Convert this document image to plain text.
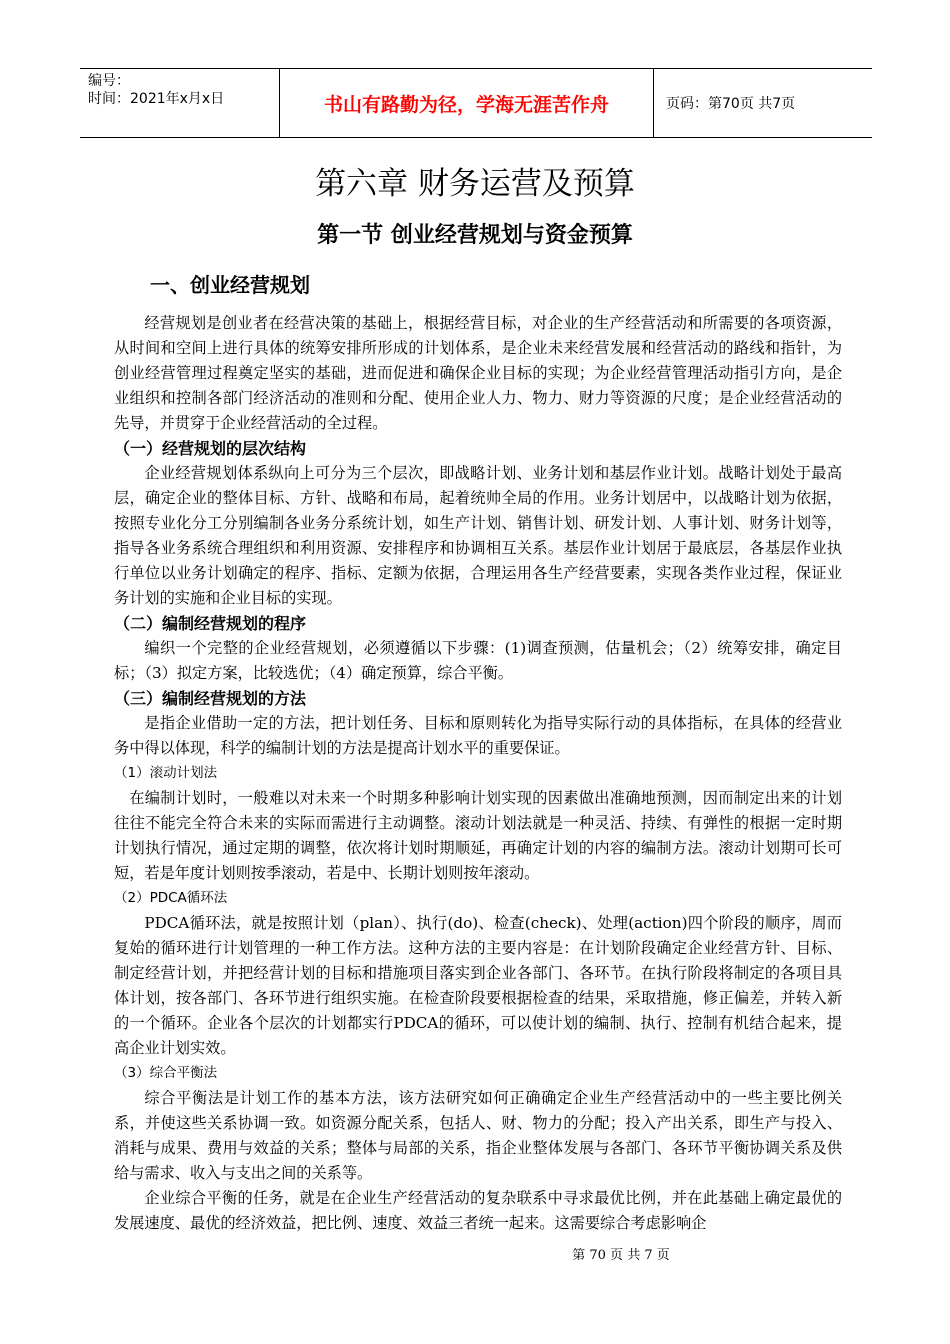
编号：
时间：2021年x月x日	书山有路勤为径，学海无涯苦作舟	页码：第70页 共7页
第六章 财务运营及预算
第一节 创业经营规划与资金预算
一、创业经营规划

经营规划是创业者在经营决策的基础上，根据经营目标，对企业的生产经营活动和所需要的各项资源，从时间和空间上进行具体的统筹安排所形成的计划体系，是企业未来经营发展和经营活动的路线和指针，为创业经营管理过程奠定坚实的基础，进而促进和确保企业目标的实现；为企业经营管理活动指引方向，是企业组织和控制各部门经济活动的准则和分配、使用企业人力、物力、财力等资源的尺度；是企业经营活动的先导，并贯穿于企业经营活动的全过程。

（一）经营规划的层次结构

企业经营规划体系纵向上可分为三个层次，即战略计划、业务计划和基层作业计划。战略计划处于最高层，确定企业的整体目标、方针、战略和布局，起着统帅全局的作用。业务计划居中，以战略计划为依据，按照专业化分工分别编制各业务分系统计划，如生产计划、销售计划、研发计划、人事计划、财务计划等，指导各业务系统合理组织和利用资源、安排程序和协调相互关系。基层作业计划居于最底层，各基层作业执行单位以业务计划确定的程序、指标、定额为依据，合理运用各生产经营要素，实现各类作业过程，保证业务计划的实施和企业目标的实现。

（二）编制经营规划的程序

编织一个完整的企业经营规划，必须遵循以下步骤：(1)调查预测，估量机会；（2）统筹安排，确定目标；（3）拟定方案，比较选优；（4）确定预算，综合平衡。

（三）编制经营规划的方法

是指企业借助一定的方法，把计划任务、目标和原则转化为指导实际行动的具体指标，在具体的经营业务中得以体现，科学的编制计划的方法是提高计划水平的重要保证。

（1）滚动计划法

在编制计划时，一般难以对未来一个时期多种影响计划实现的因素做出准确地预测，因而制定出来的计划往往不能完全符合未来的实际而需进行主动调整。滚动计划法就是一种灵活、持续、有弹性的根据一定时期计划执行情况，通过定期的调整，依次将计划时期顺延，再确定计划的内容的编制方法。滚动计划期可长可短，若是年度计划则按季滚动，若是中、长期计划则按年滚动。

（2）PDCA循环法

PDCA循环法，就是按照计划（plan）、执行(do)、检查(check)、处理(action)四个阶段的顺序，周而复始的循环进行计划管理的一种工作方法。这种方法的主要内容是：在计划阶段确定企业经营方针、目标、制定经营计划，并把经营计划的目标和措施项目落实到企业各部门、各环节。在执行阶段将制定的各项目具体计划，按各部门、各环节进行组织实施。在检查阶段要根据检查的结果，采取措施，修正偏差，并转入新的一个循环。企业各个层次的计划都实行PDCA的循环，可以使计划的编制、执行、控制有机结合起来，提高企业计划实效。

（3）综合平衡法

综合平衡法是计划工作的基本方法，该方法研究如何正确确定企业生产经营活动中的一些主要比例关系，并使这些关系协调一致。如资源分配关系，包括人、财、物力的分配；投入产出关系，即生产与投入、消耗与成果、费用与效益的关系；整体与局部的关系，指企业整体发展与各部门、各环节平衡协调关系及供给与需求、收入与支出之间的关系等。

企业综合平衡的任务，就是在企业生产经营活动的复杂联系中寻求最优比例，并在此基础上确定最优的发展速度、最优的经济效益，把比例、速度、效益三者统一起来。这需要综合考虑影响企

第 70 页 共 7 页
